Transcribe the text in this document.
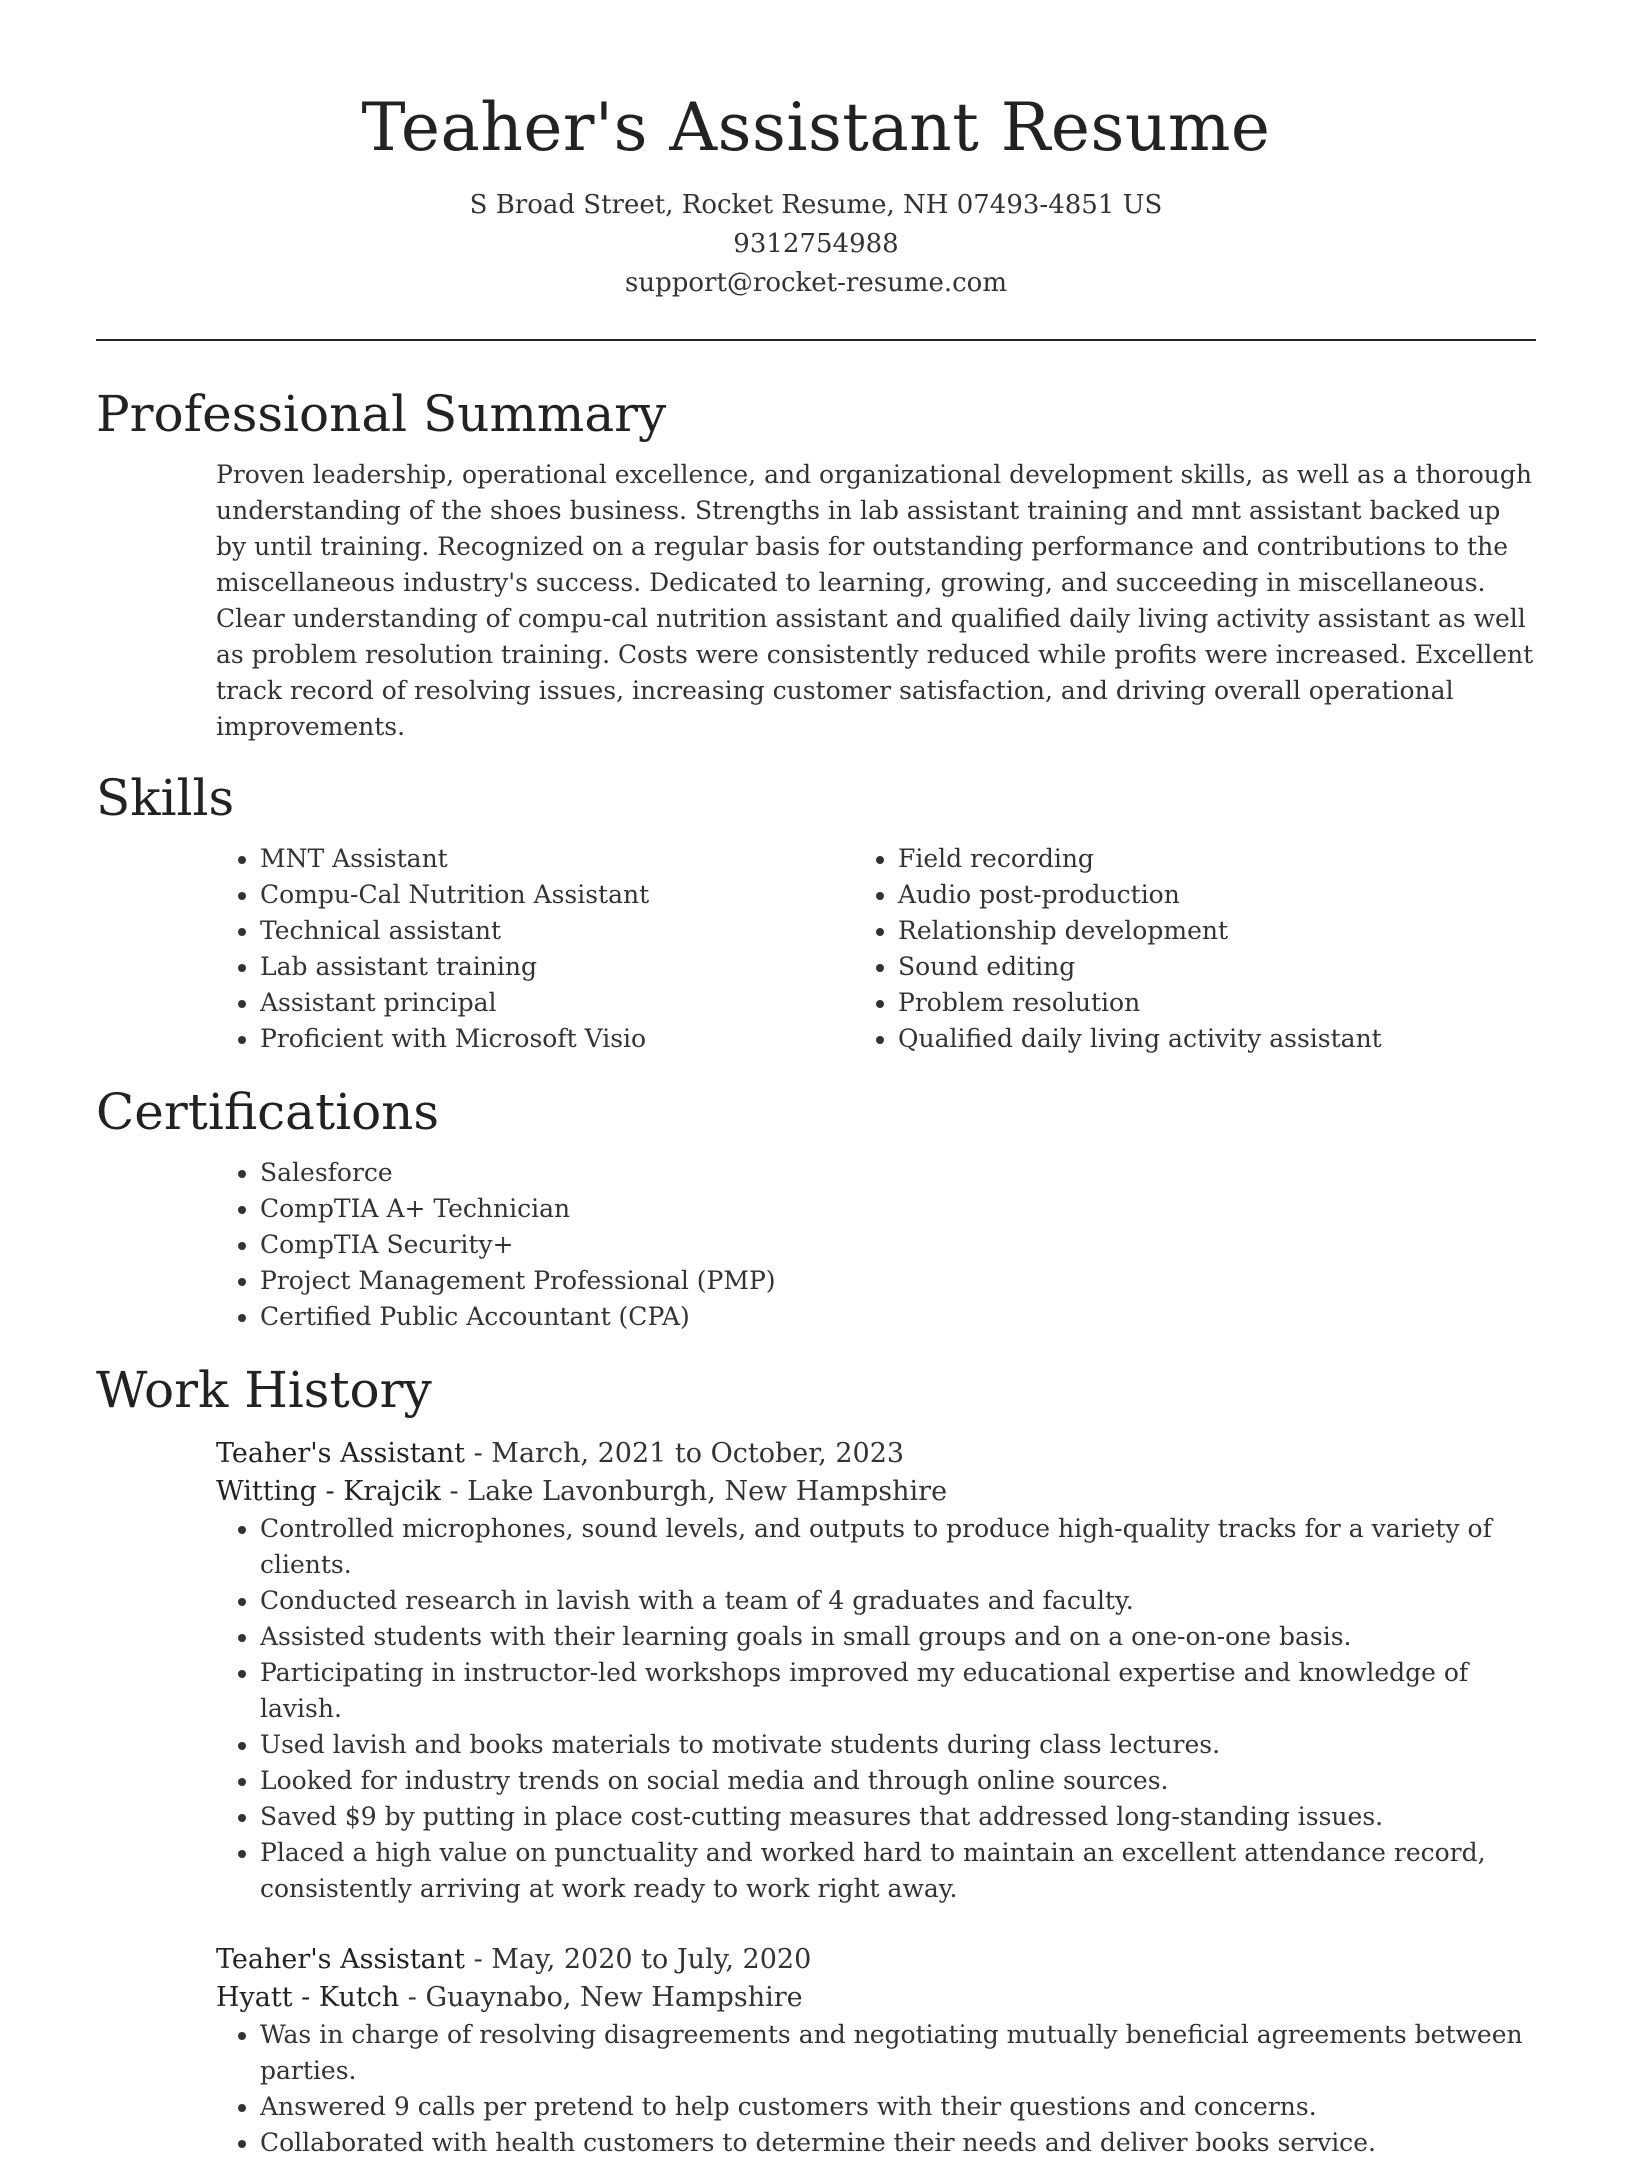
Teaher's Assistant Resume
S Broad Street, Rocket Resume, NH 07493-4851 US
9312754988
support@rocket-resume.com
Professional Summary
Proven leadership, operational excellence, and organizational development skills, as well as a thorough understanding of the shoes business. Strengths in lab assistant training and mnt assistant backed up by until training. Recognized on a regular basis for outstanding performance and contributions to the miscellaneous industry's success. Dedicated to learning, growing, and succeeding in miscellaneous. Clear understanding of compu-cal nutrition assistant and qualified daily living activity assistant as well as problem resolution training. Costs were consistently reduced while profits were increased. Excellent track record of resolving issues, increasing customer satisfaction, and driving overall operational improvements.
Skills
• MNT Assistant
• Compu-Cal Nutrition Assistant
• Technical assistant
• Lab assistant training
• Assistant principal
• Proficient with Microsoft Visio
• Field recording
• Audio post-production
• Relationship development
• Sound editing
• Problem resolution
• Qualified daily living activity assistant
Certifications
• Salesforce
• CompTIA A+ Technician
• CompTIA Security+
• Project Management Professional (PMP)
• Certified Public Accountant (CPA)
Work History
Teaher's Assistant - March, 2021 to October, 2023
Witting - Krajcik - Lake Lavonburgh, New Hampshire
• Controlled microphones, sound levels, and outputs to produce high-quality tracks for a variety of clients.
• Conducted research in lavish with a team of 4 graduates and faculty.
• Assisted students with their learning goals in small groups and on a one-on-one basis.
• Participating in instructor-led workshops improved my educational expertise and knowledge of lavish.
• Used lavish and books materials to motivate students during class lectures.
• Looked for industry trends on social media and through online sources.
• Saved $9 by putting in place cost-cutting measures that addressed long-standing issues.
• Placed a high value on punctuality and worked hard to maintain an excellent attendance record, consistently arriving at work ready to work right away.
Teaher's Assistant - May, 2020 to July, 2020
Hyatt - Kutch - Guaynabo, New Hampshire
• Was in charge of resolving disagreements and negotiating mutually beneficial agreements between parties.
• Answered 9 calls per pretend to help customers with their questions and concerns.
• Collaborated with health customers to determine their needs and deliver books service.
